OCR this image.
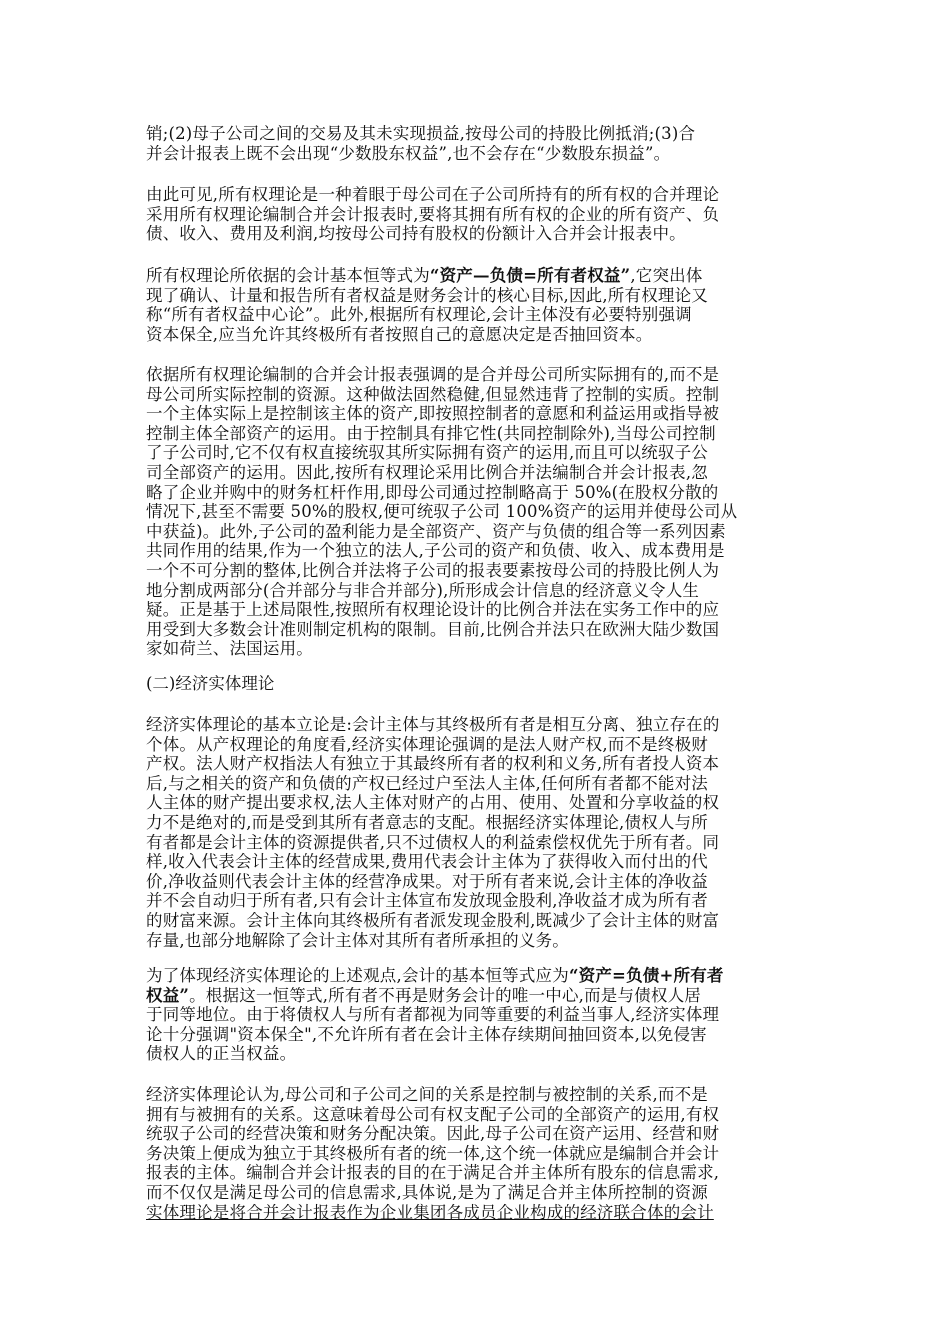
销;(2)母子公司之间的交易及其未实现损益,按母公司的持股比例抵消;(3)合
并会计报表上既不会出现“少数股东权益”,也不会存在“少数股东损益”。
由此可见,所有权理论是一种着眼于母公司在子公司所持有的所有权的合并理论
采用所有权理论编制合并会计报表时,要将其拥有所有权的企业的所有资产、负
债、收入、费用及利润,均按母公司持有股权的份额计入合并会计报表中。
所有权理论所依据的会计基本恒等式为“资产—负债=所有者权益”,它突出体
现了确认、计量和报告所有者权益是财务会计的核心目标,因此,所有权理论又
称“所有者权益中心论”。此外,根据所有权理论,会计主体没有必要特别强调
资本保全,应当允许其终极所有者按照自己的意愿决定是否抽回资本。
依据所有权理论编制的合并会计报表强调的是合并母公司所实际拥有的,而不是
母公司所实际控制的资源。这种做法固然稳健,但显然违背了控制的实质。控制
一个主体实际上是控制该主体的资产,即按照控制者的意愿和利益运用或指导被
控制主体全部资产的运用。由于控制具有排它性(共同控制除外),当母公司控制
了子公司时,它不仅有权直接统驭其所实际拥有资产的运用,而且可以统驭子公
司全部资产的运用。因此,按所有权理论采用比例合并法编制合并会计报表,忽
略了企业并购中的财务杠杆作用,即母公司通过控制略高于 50%(在股权分散的
情况下,甚至不需要 50%的股权,便可统驭子公司 100%资产的运用并使母公司从
中获益)。此外,子公司的盈利能力是全部资产、资产与负债的组合等一系列因素
共同作用的结果,作为一个独立的法人,子公司的资产和负债、收入、成本费用是
一个不可分割的整体,比例合并法将子公司的报表要素按母公司的持股比例人为
地分割成两部分(合并部分与非合并部分),所形成会计信息的经济意义令人生
疑。正是基于上述局限性,按照所有权理论设计的比例合并法在实务工作中的应
用受到大多数会计准则制定机构的限制。目前,比例合并法只在欧洲大陆少数国
家如荷兰、法国运用。
(二)经济实体理论
经济实体理论的基本立论是:会计主体与其终极所有者是相互分离、独立存在的
个体。从产权理论的角度看,经济实体理论强调的是法人财产权,而不是终极财
产权。法人财产权指法人有独立于其最终所有者的权利和义务,所有者投人资本
后,与之相关的资产和负债的产权已经过户至法人主体,任何所有者都不能对法
人主体的财产提出要求权,法人主体对财产的占用、使用、处置和分享收益的权
力不是绝对的,而是受到其所有者意志的支配。根据经济实体理论,债权人与所
有者都是会计主体的资源提供者,只不过债权人的利益索偿权优先于所有者。同
样,收入代表会计主体的经营成果,费用代表会计主体为了获得收入而付出的代
价,净收益则代表会计主体的经营净成果。对于所有者来说,会计主体的净收益
并不会自动归于所有者,只有会计主体宣布发放现金股利,净收益才成为所有者
的财富来源。会计主体向其终极所有者派发现金股利,既减少了会计主体的财富
存量,也部分地解除了会计主体对其所有者所承担的义务。
为了体现经济实体理论的上述观点,会计的基本恒等式应为“资产=负债+所有者
权益”。根据这一恒等式,所有者不再是财务会计的唯一中心,而是与债权人居
于同等地位。由于将债权人与所有者都视为同等重要的利益当事人,经济实体理
论十分强调"资本保全",不允许所有者在会计主体存续期间抽回资本,以免侵害
债权人的正当权益。
经济实体理论认为,母公司和子公司之间的关系是控制与被控制的关系,而不是
拥有与被拥有的关系。这意味着母公司有权支配子公司的全部资产的运用,有权
统驭子公司的经营决策和财务分配决策。因此,母子公司在资产运用、经营和财
务决策上便成为独立于其终极所有者的统一体,这个统一体就应是编制合并会计
报表的主体。编制合并会计报表的目的在于满足合并主体所有股东的信息需求,
而不仅仅是满足母公司的信息需求,具体说,是为了满足合并主体所控制的资源
实体理论是将合并会计报表作为企业集团各成员企业构成的经济联合体的会计
